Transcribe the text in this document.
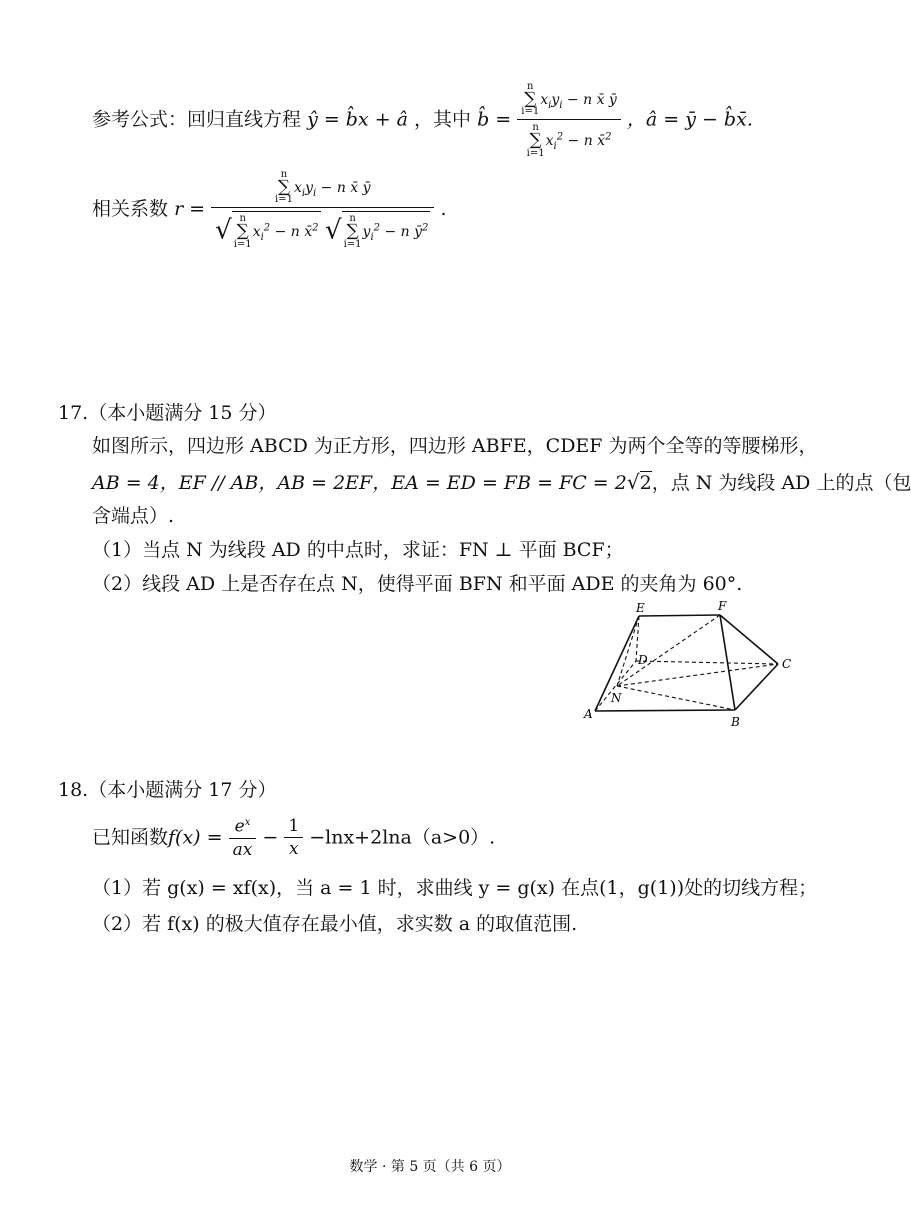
参考公式：回归直线方程 ŷ = b̂x + â ，其中 b̂ = n
∑
$i=1x_iy_i - n$ x̄ ȳ
n
∑
$i=1x_i^2 - n$ x̄$^2$ ，â = ȳ − b̂x̄.
相关系数 r = n
∑
$i=1x_iy_i - n$ x̄ ȳ
√ n
∑
$i=1x_i^2 - n$ x̄$^2$ √ n
∑
$i=1y_i^2 - n$ $ȳ^2$ .
17.（本小题满分 15 分）
如图所示，四边形 ABCD 为正方形，四边形 ABFE，CDEF 为两个全等的等腰梯形，
AB = 4，EF // AB，AB = 2EF，EA = ED = FB = FC = 2√2，点 N 为线段 AD 上的点（包
含端点）.
（1）当点 N 为线段 AD 的中点时，求证：FN ⊥ 平面 BCF；
（2）线段 AD 上是否存在点 N，使得平面 BFN 和平面 ADE 的夹角为 60°.
E	F
D	C
N
A
B
18.（本小题满分 17 分）
已知函数$f(x) = \frac{e^x}{ax} - \frac{1}{x} -\ln x+2\ln a(a>0)$.
（1）若 g(x) = xf(x)，当 a = 1 时，求曲线 y = g(x) 在点(1，g(1))处的切线方程；
（2）若 f(x) 的极大值存在最小值，求实数 a 的取值范围.
数学 · 第 5 页（共 6 页）
